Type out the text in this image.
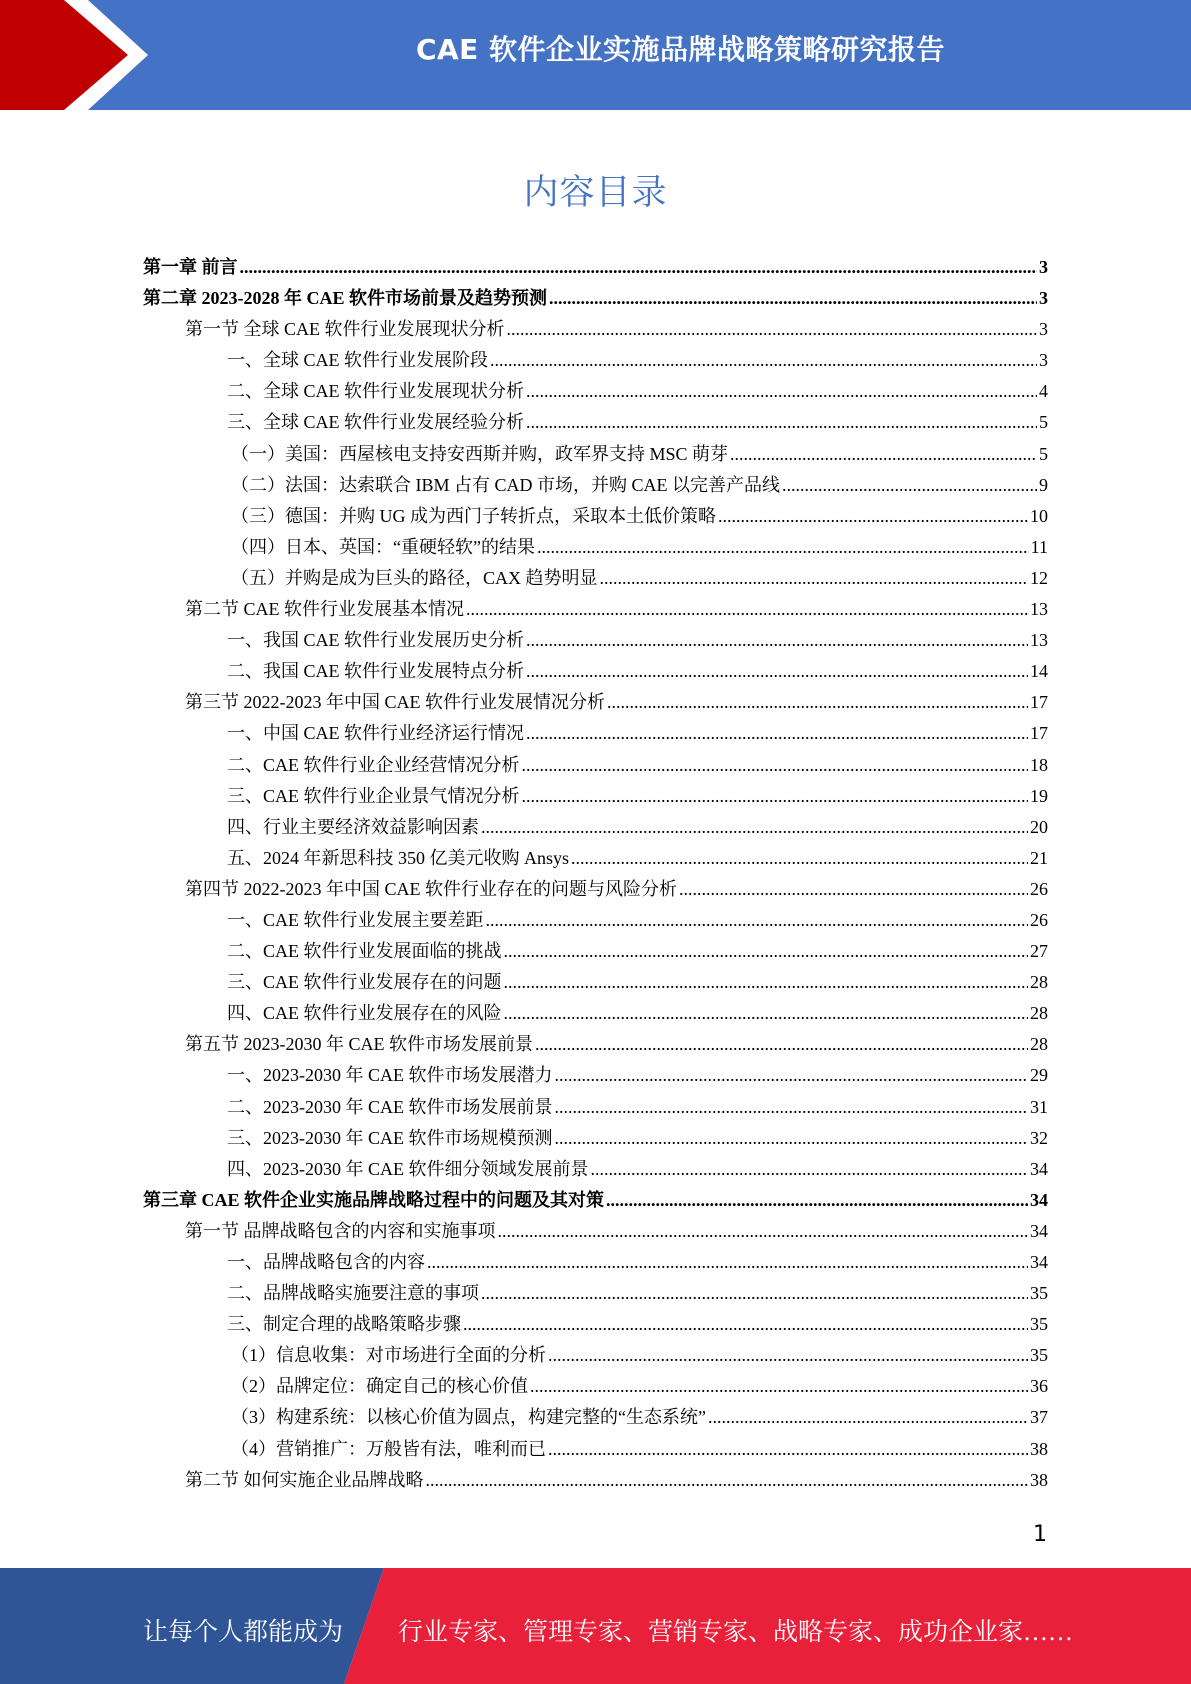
CAE 软件企业实施品牌战略策略研究报告
内容目录
第一章 前言 .....	3
第二章 2023-2028 年 CAE 软件市场前景及趋势预测 .....	3
第一节 全球 CAE 软件行业发展现状分析 .....	3
一、全球 CAE 软件行业发展阶段 .....	3
二、全球 CAE 软件行业发展现状分析 .....	4
三、全球 CAE 软件行业发展经验分析 .....	5
（一）美国：西屋核电支持安西斯并购，政军界支持 MSC 萌芽 .....	5
（二）法国：达索联合 IBM 占有 CAD 市场，并购 CAE 以完善产品线 .....	9
（三）德国：并购 UG 成为西门子转折点，采取本土低价策略 .....	10
（四）日本、英国：“重硬轻软”的结果 .....	11
（五）并购是成为巨头的路径，CAX 趋势明显 .....	12
第二节 CAE 软件行业发展基本情况 .....	13
一、我国 CAE 软件行业发展历史分析 .....	13
二、我国 CAE 软件行业发展特点分析 .....	14
第三节 2022-2023 年中国 CAE 软件行业发展情况分析 .....	17
一、中国 CAE 软件行业经济运行情况 .....	17
二、CAE 软件行业企业经营情况分析 .....	18
三、CAE 软件行业企业景气情况分析 .....	19
四、行业主要经济效益影响因素 .....	20
五、2024 年新思科技 350 亿美元收购 Ansys .....	21
第四节 2022-2023 年中国 CAE 软件行业存在的问题与风险分析 .....	26
一、CAE 软件行业发展主要差距 .....	26
二、CAE 软件行业发展面临的挑战 .....	27
三、CAE 软件行业发展存在的问题 .....	28
四、CAE 软件行业发展存在的风险 .....	28
第五节 2023-2030 年 CAE 软件市场发展前景 .....	28
一、2023-2030 年 CAE 软件市场发展潜力 .....	29
二、2023-2030 年 CAE 软件市场发展前景 .....	31
三、2023-2030 年 CAE 软件市场规模预测 .....	32
四、2023-2030 年 CAE 软件细分领域发展前景 .....	34
第三章 CAE 软件企业实施品牌战略过程中的问题及其对策 .....	34
第一节 品牌战略包含的内容和实施事项 .....	34
一、品牌战略包含的内容 .....	34
二、品牌战略实施要注意的事项 .....	35
三、制定合理的战略策略步骤 .....	35
（1）信息收集：对市场进行全面的分析 .....	35
（2）品牌定位：确定自己的核心价值 .....	36
（3）构建系统：以核心价值为圆点，构建完整的“生态系统” .....	37
（4）营销推广：万般皆有法，唯利而已 .....	38
第二节 如何实施企业品牌战略 .....	38
1
让每个人都能成为 行业专家、管理专家、营销专家、战略专家、成功企业家……
